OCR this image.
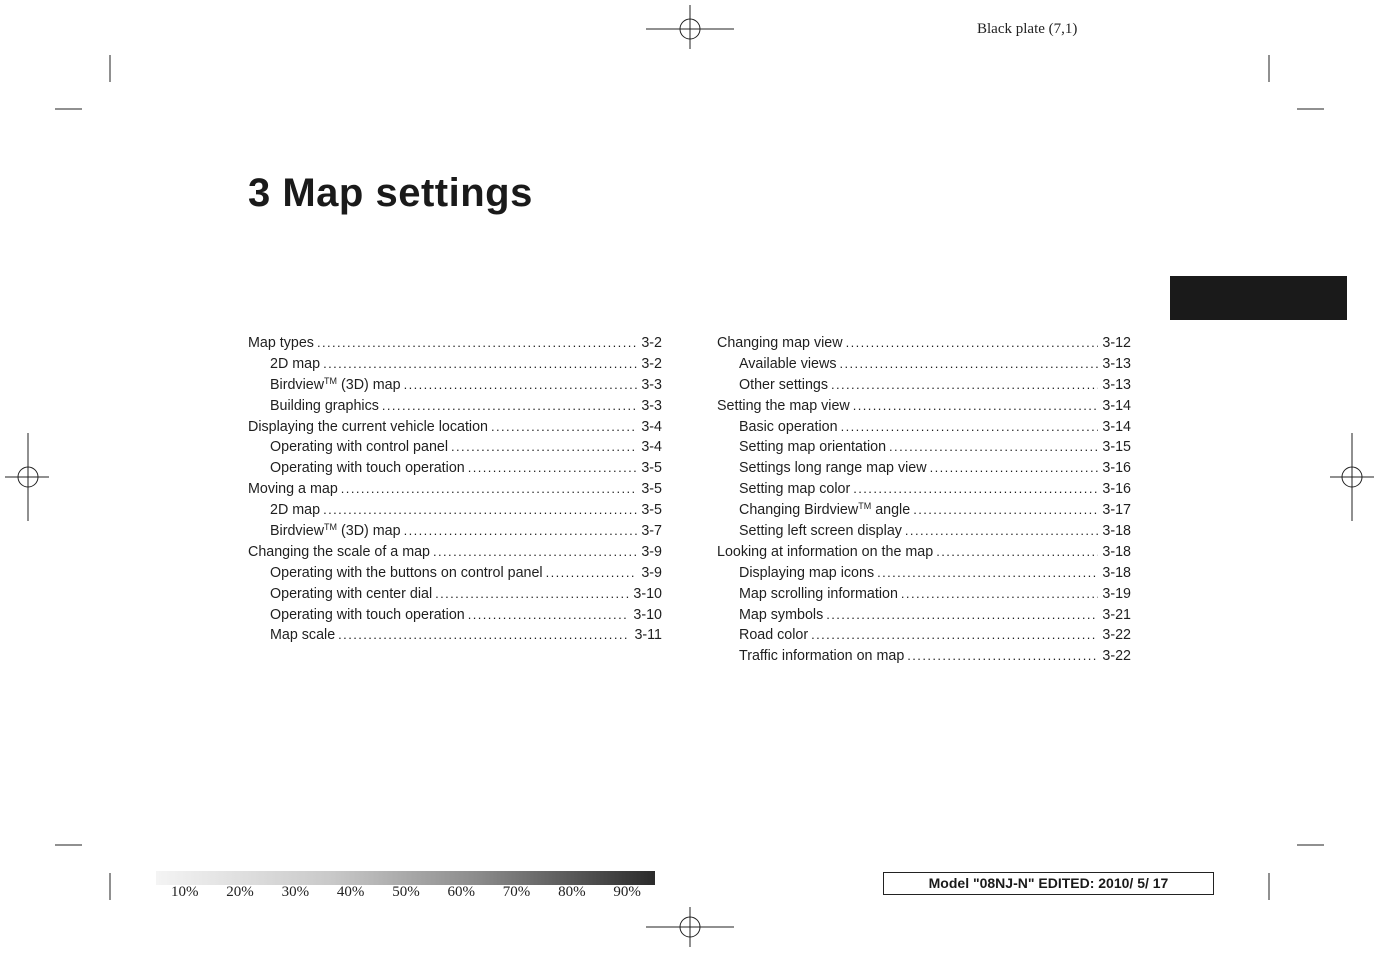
Black plate (7,1)
3 Map settings
Map types .....	3-2
2D map .....	3-2
Birdview™ (3D) map .....	3-3
Building graphics .....	3-3
Displaying the current vehicle location .....	3-4
Operating with control panel .....	3-4
Operating with touch operation .....	3-5
Moving a map .....	3-5
2D map .....	3-5
Birdview™ (3D) map .....	3-7
Changing the scale of a map .....	3-9
Operating with the buttons on control panel .....	3-9
Operating with center dial .....	3-10
Operating with touch operation .....	3-10
Map scale .....	3-11
Changing map view .....	3-12
Available views .....	3-13
Other settings .....	3-13
Setting the map view .....	3-14
Basic operation .....	3-14
Setting map orientation .....	3-15
Settings long range map view .....	3-16
Setting map color .....	3-16
Changing Birdview™ angle .....	3-17
Setting left screen display .....	3-18
Looking at information on the map .....	3-18
Displaying map icons .....	3-18
Map scrolling information .....	3-19
Map symbols .....	3-21
Road color .....	3-22
Traffic information on map .....	3-22
10%	20%	30%	40%	50%	60%	70%	80%	90%
Model "08NJ-N" EDITED: 2010/ 5/ 17
